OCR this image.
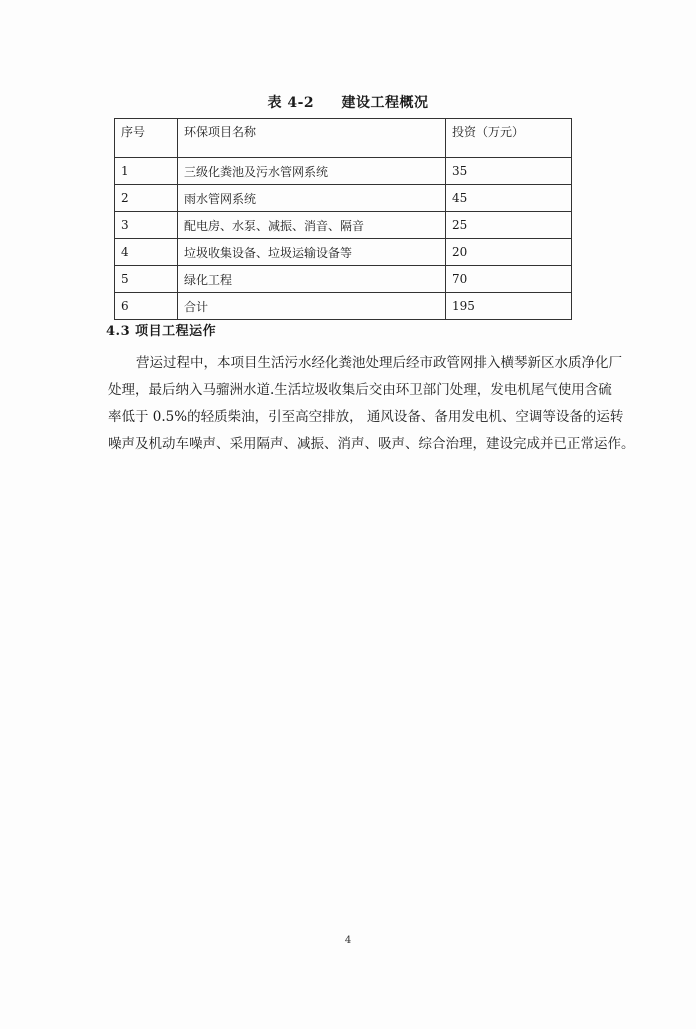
表 4-2 建设工程概况
序号	环保项目名称	投资（万元）
1	三级化粪池及污水管网系统	35
2	雨水管网系统	45
3	配电房、水泵、减振、消音、隔音	25
4	垃圾收集设备、垃圾运输设备等	20
5	绿化工程	70
6	合计	195
4.3 项目工程运作
营运过程中，本项目生活污水经化粪池处理后经市政管网排入横琴新区水质净化厂
处理，最后纳入马骝洲水道.生活垃圾收集后交由环卫部门处理，发电机尾气使用含硫
率低于 0.5%的轻质柴油，引至高空排放， 通风设备、备用发电机、空调等设备的运转
噪声及机动车噪声、采用隔声、减振、消声、吸声、综合治理，建设完成并已正常运作。
4
